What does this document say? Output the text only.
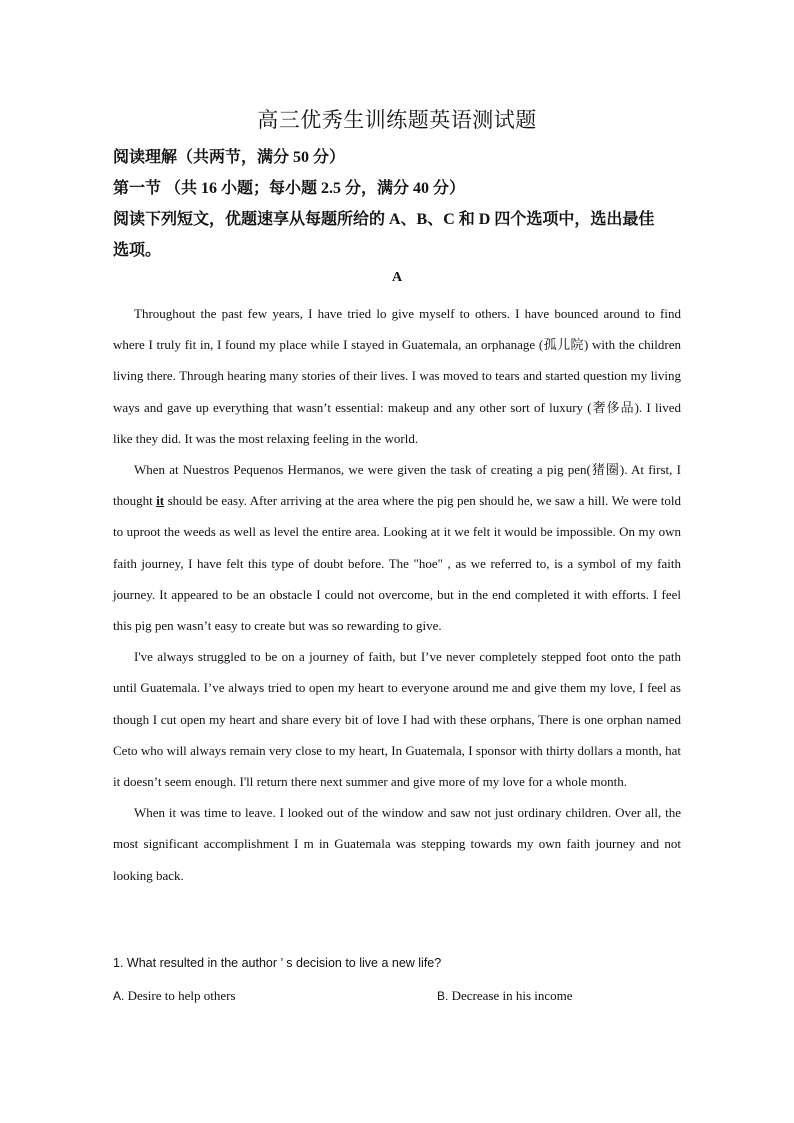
高三优秀生训练题英语测试题
阅读理解（共两节，满分 50 分）
第一节 （共 16 小题；每小题 2.5 分，满分 40 分）
阅读下列短文，优题速享从每题所给的 A、B、C 和 D 四个选项中，选出最佳
选项。
A

Throughout the past few years, I have tried lo give myself to others. I have bounced around to find where I truly fit in, I found my place while I stayed in Guatemala, an orphanage (孤儿院) with the children living there. Through hearing many stories of their lives. I was moved to tears and started question my living ways and gave up everything that wasn’t essential: makeup and any other sort of luxury (奢侈品). I lived like they did. It was the most relaxing feeling in the world.

When at Nuestros Pequenos Hermanos, we were given the task of creating a pig pen(猪圈). At first, I thought it should be easy. After arriving at the area where the pig pen should he, we saw a hill. We were told to uproot the weeds as well as level the entire area. Looking at it we felt it would be impossible. On my own faith journey, I have felt this type of doubt before. The "hoe" , as we referred to, is a symbol of my faith journey. It appeared to be an obstacle I could not overcome, but in the end completed it with efforts. I feel this pig pen wasn’t easy to create but was so rewarding to give.

I've always struggled to be on a journey of faith, but I’ve never completely stepped foot onto the path until Guatemala. I’ve always tried to open my heart to everyone around me and give them my love, I feel as though I cut open my heart and share every bit of love I had with these orphans, There is one orphan named Ceto who will always remain very close to my heart, In Guatemala, I sponsor with thirty dollars a month, hat it doesn’t seem enough. I'll return there next summer and give more of my love for a whole month.

When it was time to leave. I looked out of the window and saw not just ordinary children. Over all, the most significant accomplishment I m in Guatemala was stepping towards my own faith journey and not looking back.

1. What resulted in the author ’ s decision to live a new life?
A. Desire to help others	B. Decrease in his income
